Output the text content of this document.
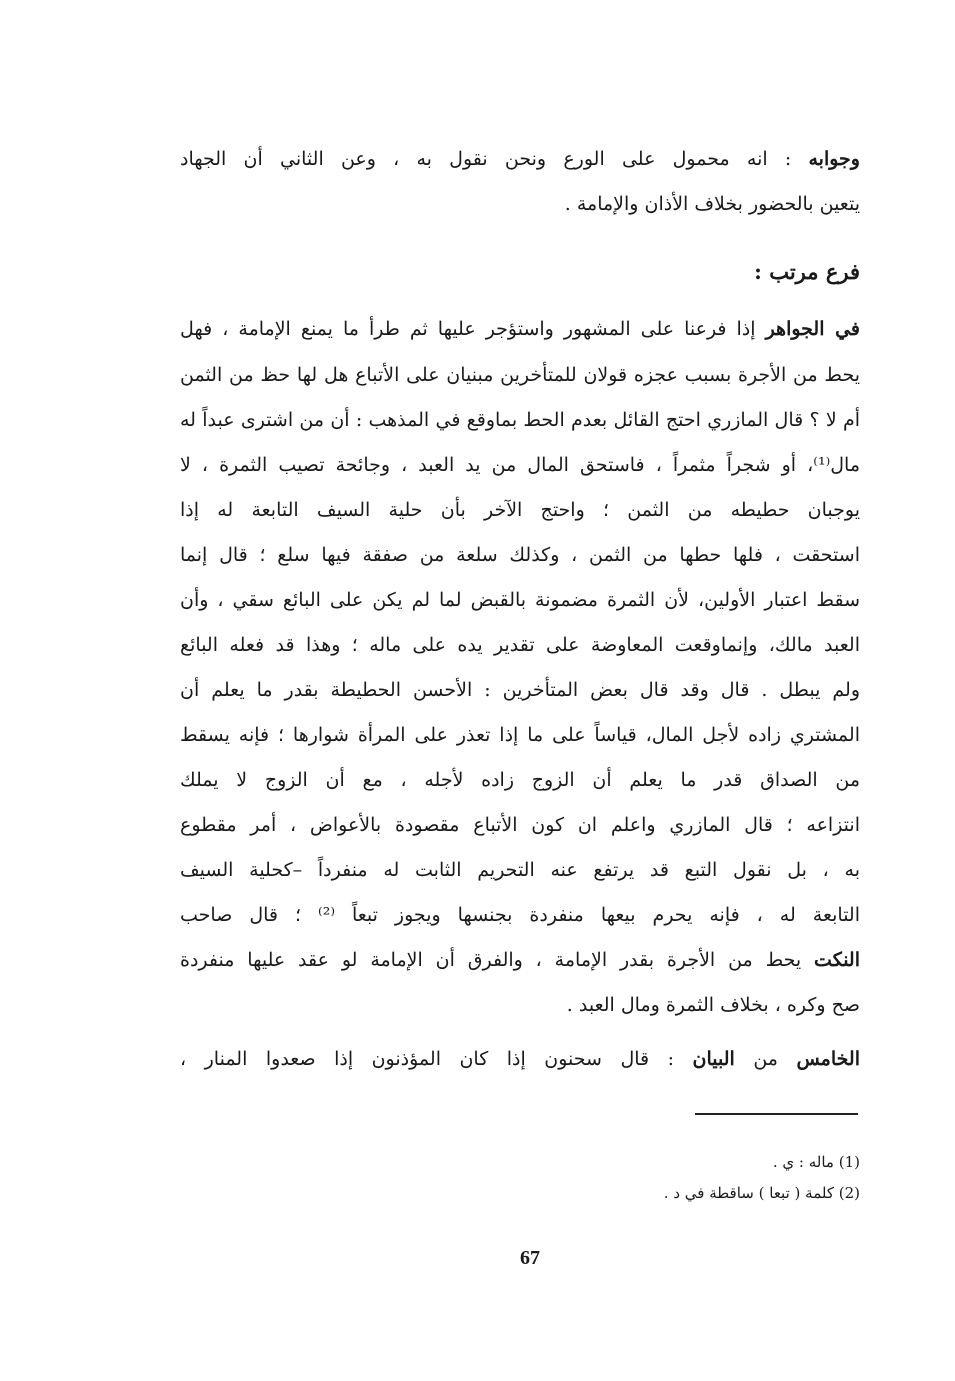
وجوابه : انه محمول على الورع ونحن نقول به ، وعن الثاني أن الجهاد
يتعين بالحضور بخلاف الأذان والإمامة .
فرع مرتب :
في الجواهر إذا فرعنا على المشهور واستؤجر عليها ثم طرأ ما يمنع الإمامة ، فهل
يحط من الأجرة بسبب عجزه قولان للمتأخرين مبنيان على الأتباع هل لها حظ من الثمن
أم لا ؟ قال المازري احتج القائل بعدم الحط بماوقع في المذهب : أن من اشترى عبداً له
مال⁽¹⁾، أو شجراً مثمراً ، فاستحق المال من يد العبد ، وجائحة تصيب الثمرة ، لا
يوجبان حطيطه من الثمن ؛ واحتج الآخر بأن حلية السيف التابعة له إذا
استحقت ، فلها حطها من الثمن ، وكذلك سلعة من صفقة فيها سلع ؛ قال إنما
سقط اعتبار الأولين، لأن الثمرة مضمونة بالقبض لما لم يكن على البائع سقي ، وأن
العبد مالك، وإنماوقعت المعاوضة على تقدير يده على ماله ؛ وهذا قد فعله البائع
ولم يبطل . قال وقد قال بعض المتأخرين : الأحسن الحطيطة بقدر ما يعلم أن
المشتري زاده لأجل المال، قياساً على ما إذا تعذر على المرأة شوارها ؛ فإنه يسقط
من الصداق قدر ما يعلم أن الزوج زاده لأجله ، مع أن الزوج لا يملك
انتزاعه ؛ قال المازري واعلم ان كون الأتباع مقصودة بالأعواض ، أمر مقطوع
به ، بل نقول التبع قد يرتفع عنه التحريم الثابت له منفرداً –كحلية السيف
التابعة له ، فإنه يحرم بيعها منفردة بجنسها ويجوز تبعاً ⁽²⁾ ؛ قال صاحب
النكت يحط من الأجرة بقدر الإمامة ، والفرق أن الإمامة لو عقد عليها منفردة
صح وكره ، بخلاف الثمرة ومال العبد .
الخامس من البيان : قال سحنون إذا كان المؤذنون إذا صعدوا المنار ،
(1) ماله : ي .
(2) كلمة ( تبعا ) ساقطة في د .
67
